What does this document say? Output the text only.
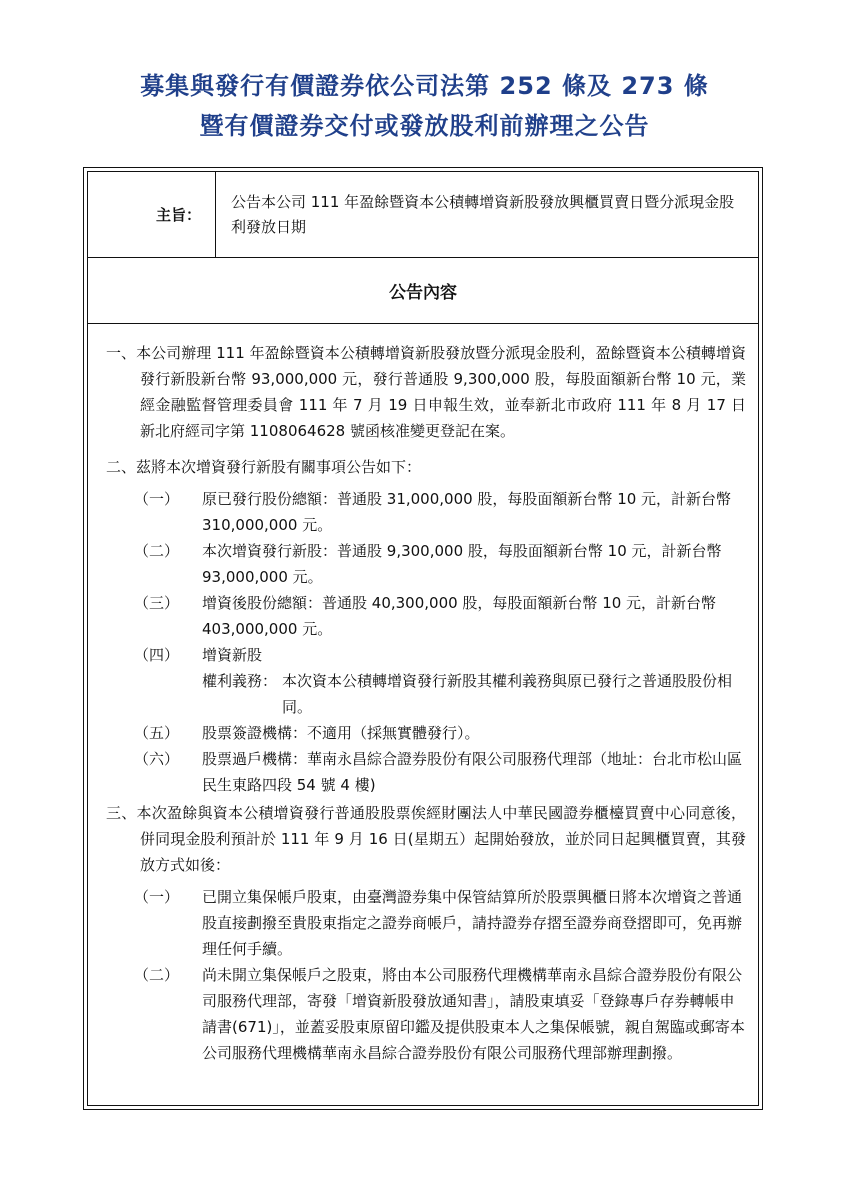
募集與發行有價證券依公司法第 252 條及 273 條
暨有價證券交付或發放股利前辦理之公告
主旨：
公告本公司 111 年盈餘暨資本公積轉增資新股發放興櫃買賣日暨分派現金股利發放日期
公告內容
一、本公司辦理 111 年盈餘暨資本公積轉增資新股發放暨分派現金股利，盈餘暨資本公積轉增資發行新股新台幣 93,000,000 元，發行普通股 9,300,000 股，每股面額新台幣 10 元，業經金融監督管理委員會 111 年 7 月 19 日申報生效，並奉新北市政府 111 年 8 月 17 日新北府經司字第 1108064628 號函核准變更登記在案。
二、茲將本次增資發行新股有關事項公告如下：
（一）	原已發行股份總額：普通股 31,000,000 股，每股面額新台幣 10 元，計新台幣 310,000,000 元。
（二）	本次增資發行新股：普通股 9,300,000 股，每股面額新台幣 10 元，計新台幣 93,000,000 元。
（三）	增資後股份總額：普通股 40,300,000 股，每股面額新台幣 10 元，計新台幣 403,000,000 元。
（四）	增資新股
權利義務： 本次資本公積轉增資發行新股其權利義務與原已發行之普通股股份相同。
（五）	股票簽證機構：不適用（採無實體發行）。
（六）	股票過戶機構：華南永昌綜合證券股份有限公司服務代理部（地址：台北市松山區民生東路四段 54 號 4 樓)
三、本次盈餘與資本公積增資發行普通股股票俟經財團法人中華民國證券櫃檯買賣中心同意後，併同現金股利預計於 111 年 9 月 16 日(星期五）起開始發放，並於同日起興櫃買賣，其發放方式如後：
（一）	已開立集保帳戶股東，由臺灣證券集中保管結算所於股票興櫃日將本次增資之普通股直接劃撥至貴股東指定之證券商帳戶，請持證券存摺至證券商登摺即可，免再辦理任何手續。
（二）	尚未開立集保帳戶之股東，將由本公司服務代理機構華南永昌綜合證券股份有限公司服務代理部，寄發「增資新股發放通知書」，請股東填妥「登錄專戶存券轉帳申請書(671)」，並蓋妥股東原留印鑑及提供股東本人之集保帳號，親自駕臨或郵寄本公司服務代理機構華南永昌綜合證券股份有限公司服務代理部辦理劃撥。
